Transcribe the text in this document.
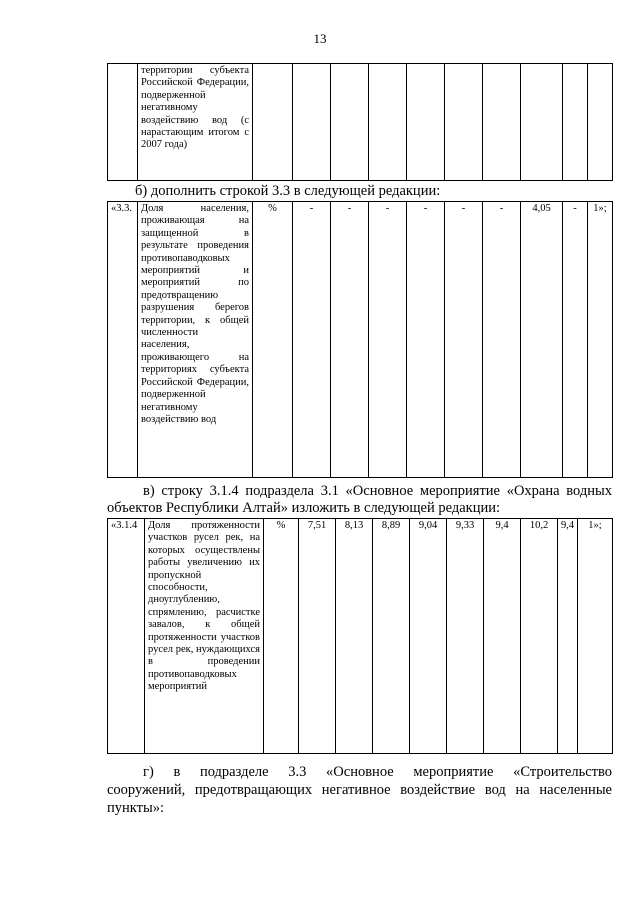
13
	территории субъекта Российской Федерации, подверженной негативному воздействию вод (с нарастающим итогом с 2007 года)										
б) дополнить строкой 3.3 в следующей редакции:
«3.3.	Доля населения, проживающая на защищенной в результате проведения противопаводковых мероприятий и мероприятий по предотвращению разрушения берегов территории, к общей численности населения, проживающего на территориях субъекта Российской Федерации, подверженной негативному воздействию вод	%	-	-	-	-	-	-	4,05	-	1»;
в) строку 3.1.4 подраздела 3.1 «Основное мероприятие «Охрана водных
объектов Республики Алтай» изложить в следующей редакции:
«3.1.4	Доля протяженности участков русел рек, на которых осуществлены работы увеличению их пропускной способности, дноуглублению, спрямлению, расчистке завалов, к общей протяженности участков русел рек, нуждающихся в проведении противопаводковых мероприятий	%	7,51	8,13	8,89	9,04	9,33	9,4	10,2	9,4	1»;
г) в подразделе 3.3 «Основное мероприятие «Строительство
сооружений, предотвращающих негативное воздействие вод на населенные
пункты»:
